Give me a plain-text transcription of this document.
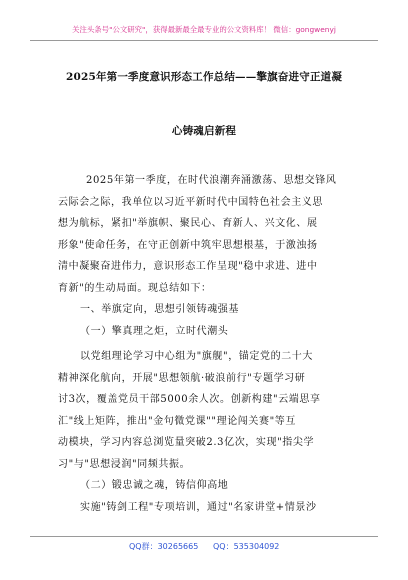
关注头条号"公文研究"，获得最新最全最专业的公文资料库！ 微信：gongwenyj
2025年第一季度意识形态工作总结——擎旗奋进守正道凝
心铸魂启新程
2025年第一季度，在时代浪潮奔涌激荡、思想交锋风
云际会之际，我单位以习近平新时代中国特色社会主义思
想为航标，紧扣"举旗帜、聚民心、育新人、兴文化、展
形象"使命任务，在守正创新中筑牢思想根基，于激浊扬
清中凝聚奋进伟力，意识形态工作呈现"稳中求进、进中
育新"的生动局面。现总结如下：
一、举旗定向，思想引领铸魂强基
（一）擎真理之炬，立时代潮头
以党组理论学习中心组为"旗舰"，锚定党的二十大
精神深化航向，开展"思想领航·破浪前行"专题学习研
讨3次，覆盖党员干部5000余人次。创新构建"云端思享
汇"线上矩阵，推出"金句微党课""理论闯关赛"等互
动模块，学习内容总浏览量突破2.3亿次，实现"指尖学
习"与"思想浸润"同频共振。
（二）锻忠诚之魂，铸信仰高地
实施"铸剑工程"专项培训，通过"名家讲堂+情景沙
QQ群：30265665 QQ：535304092
